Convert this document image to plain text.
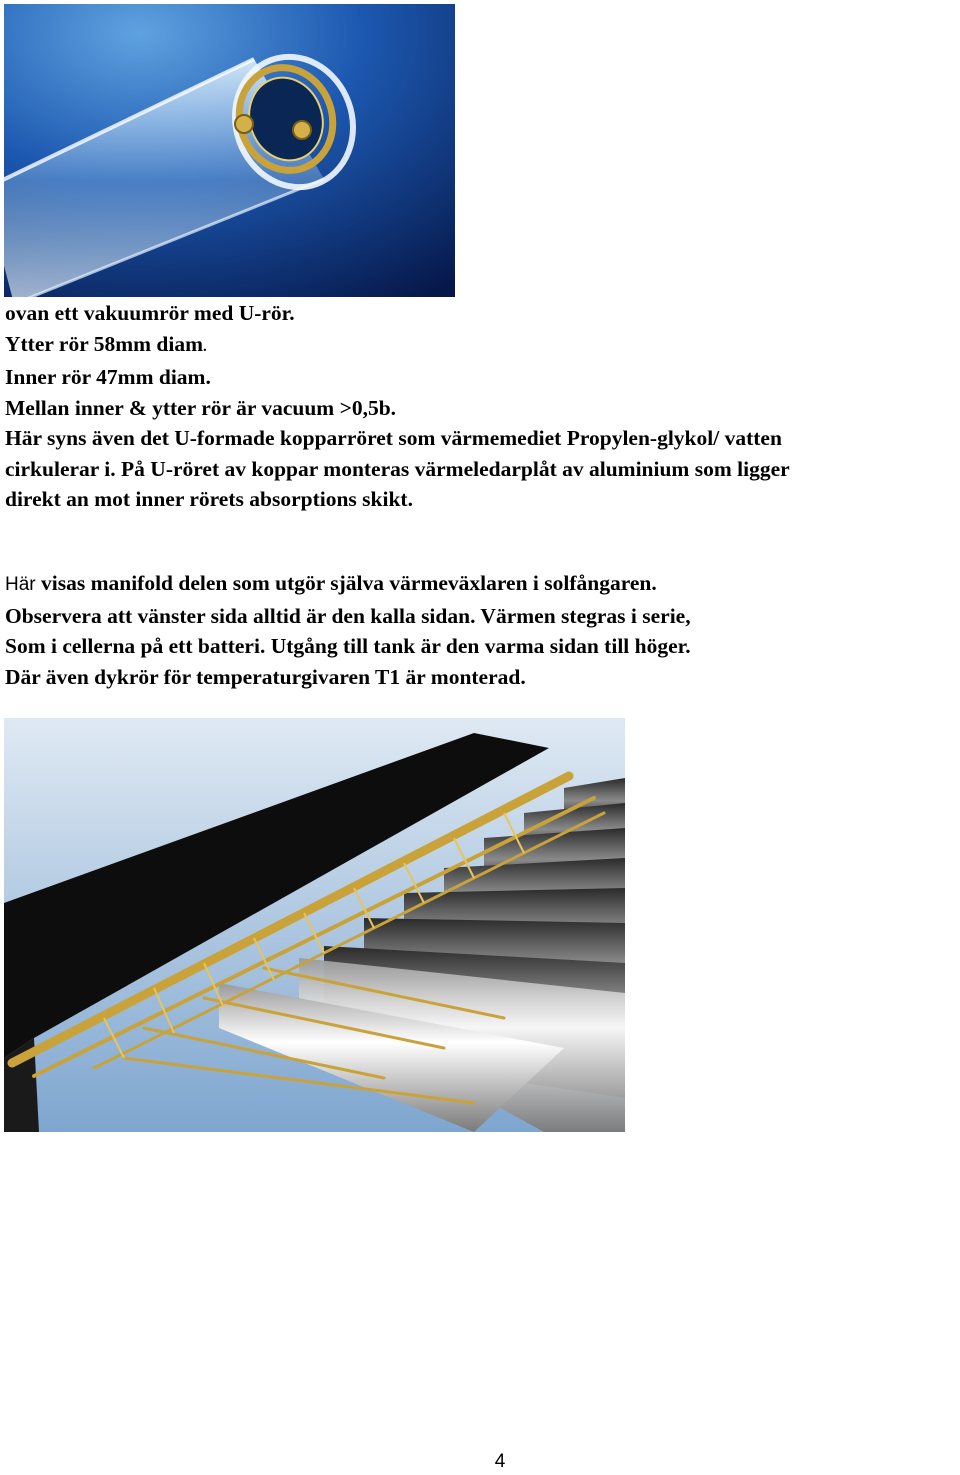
ovan ett vakuumrör med U-rör.
Ytter rör 58mm diam.
Inner rör 47mm diam.
Mellan inner & ytter rör är vacuum >0,5b.
Här syns även det U-formade kopparröret som värmemediet Propylen-glykol/ vatten
cirkulerar i. På U-röret av koppar monteras värmeledarplåt av aluminium som ligger
direkt an mot inner rörets absorptions skikt.
Här visas manifold delen som utgör själva värmeväxlaren i solfångaren.
Observera att vänster sida alltid är den kalla sidan. Värmen stegras i serie,
Som i cellerna på ett batteri. Utgång till tank är den varma sidan till höger.
Där även dykrör för temperaturgivaren T1 är monterad.
4
